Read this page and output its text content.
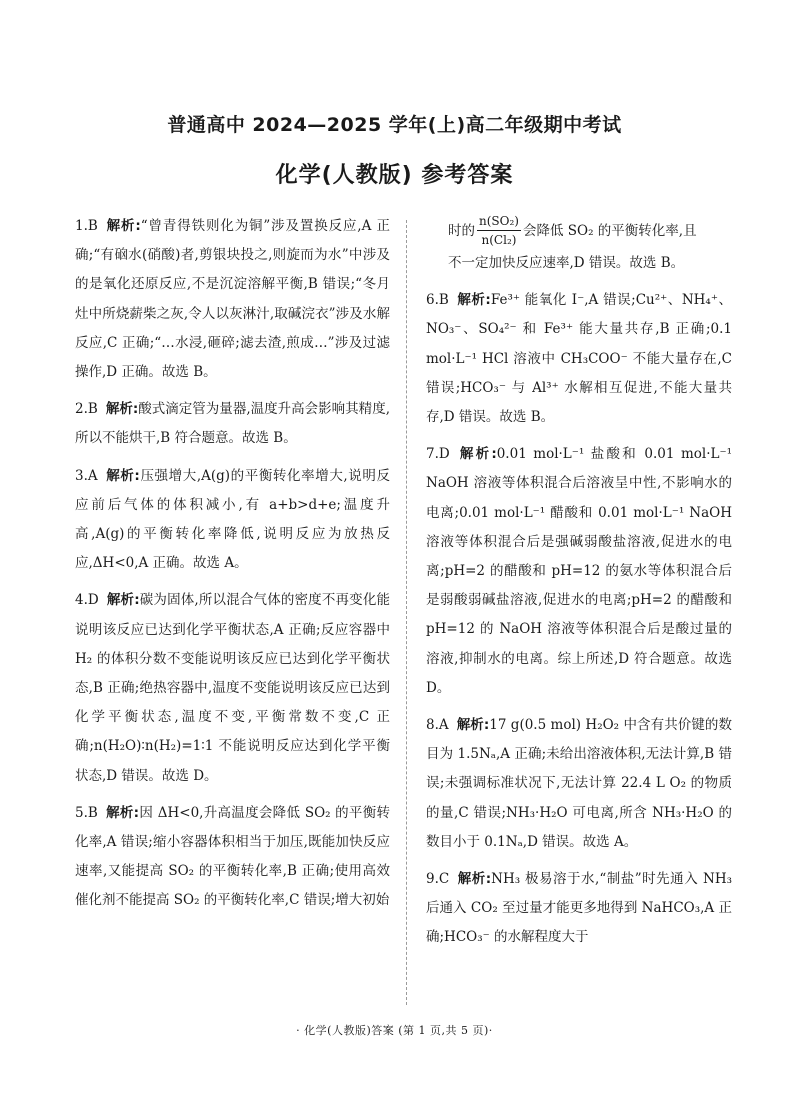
普通高中 2024—2025 学年(上)高二年级期中考试
化学(人教版) 参考答案

1.B 解析:“曾青得铁则化为铜”涉及置换反应,A 正确;“有硇水(硝酸)者,剪银块投之,则旋而为水”中涉及的是氧化还原反应,不是沉淀溶解平衡,B 错误;“冬月灶中所烧薪柴之灰,令人以灰淋汁,取碱浣衣”涉及水解反应,C 正确;“…水浸,砸碎;滤去渣,煎成…”涉及过滤操作,D 正确。故选 B。

2.B 解析:酸式滴定管为量器,温度升高会影响其精度,所以不能烘干,B 符合题意。故选 B。

3.A 解析:压强增大,A(g)的平衡转化率增大,说明反应前后气体的体积减小,有 a+b>d+e;温度升高,A(g)的平衡转化率降低,说明反应为放热反应,ΔH<0,A 正确。故选 A。

4.D 解析:碳为固体,所以混合气体的密度不再变化能说明该反应已达到化学平衡状态,A 正确;反应容器中 H₂ 的体积分数不变能说明该反应已达到化学平衡状态,B 正确;绝热容器中,温度不变能说明该反应已达到化学平衡状态,温度不变,平衡常数不变,C 正确;n(H₂O)∶n(H₂)=1∶1 不能说明反应达到化学平衡状态,D 错误。故选 D。

5.B 解析:因 ΔH<0,升高温度会降低 SO₂ 的平衡转化率,A 错误;缩小容器体积相当于加压,既能加快反应速率,又能提高 SO₂ 的平衡转化率,B 正确;使用高效催化剂不能提高 SO₂ 的平衡转化率,C 错误;增大初始

时的 $\frac{\text{n(SO₂)}}{\text{n(Cl₂)}}$ 会降低 SO₂ 的平衡转化率,且

不一定加快反应速率,D 错误。故选 B。

6.B 解析:Fe³⁺ 能氧化 I⁻,A 错误;Cu²⁺、NH₄⁺、NO₃⁻、SO₄²⁻ 和 Fe³⁺ 能大量共存,B 正确;0.1 mol·L⁻¹ HCl 溶液中 CH₃COO⁻ 不能大量存在,C 错误;HCO₃⁻ 与 Al³⁺ 水解相互促进,不能大量共存,D 错误。故选 B。

7.D 解析:0.01 mol·L⁻¹ 盐酸和 0.01 mol·L⁻¹ NaOH 溶液等体积混合后溶液呈中性,不影响水的电离;0.01 mol·L⁻¹ 醋酸和 0.01 mol·L⁻¹ NaOH 溶液等体积混合后是强碱弱酸盐溶液,促进水的电离;pH=2 的醋酸和 pH=12 的氨水等体积混合后是弱酸弱碱盐溶液,促进水的电离;pH=2 的醋酸和 pH=12 的 NaOH 溶液等体积混合后是酸过量的溶液,抑制水的电离。综上所述,D 符合题意。故选 D。

8.A 解析:17 g(0.5 mol) H₂O₂ 中含有共价键的数目为 1.5Nₐ,A 正确;未给出溶液体积,无法计算,B 错误;未强调标准状况下,无法计算 22.4 L O₂ 的物质的量,C 错误;NH₃·H₂O 可电离,所含 NH₃·H₂O 的数目小于 0.1Nₐ,D 错误。故选 A。

9.C 解析:NH₃ 极易溶于水,“制盐”时先通入 NH₃ 后通入 CO₂ 至过量才能更多地得到 NaHCO₃,A 正确;HCO₃⁻ 的水解程度大于

· 化学(人教版)答案 (第 1 页,共 5 页)·
